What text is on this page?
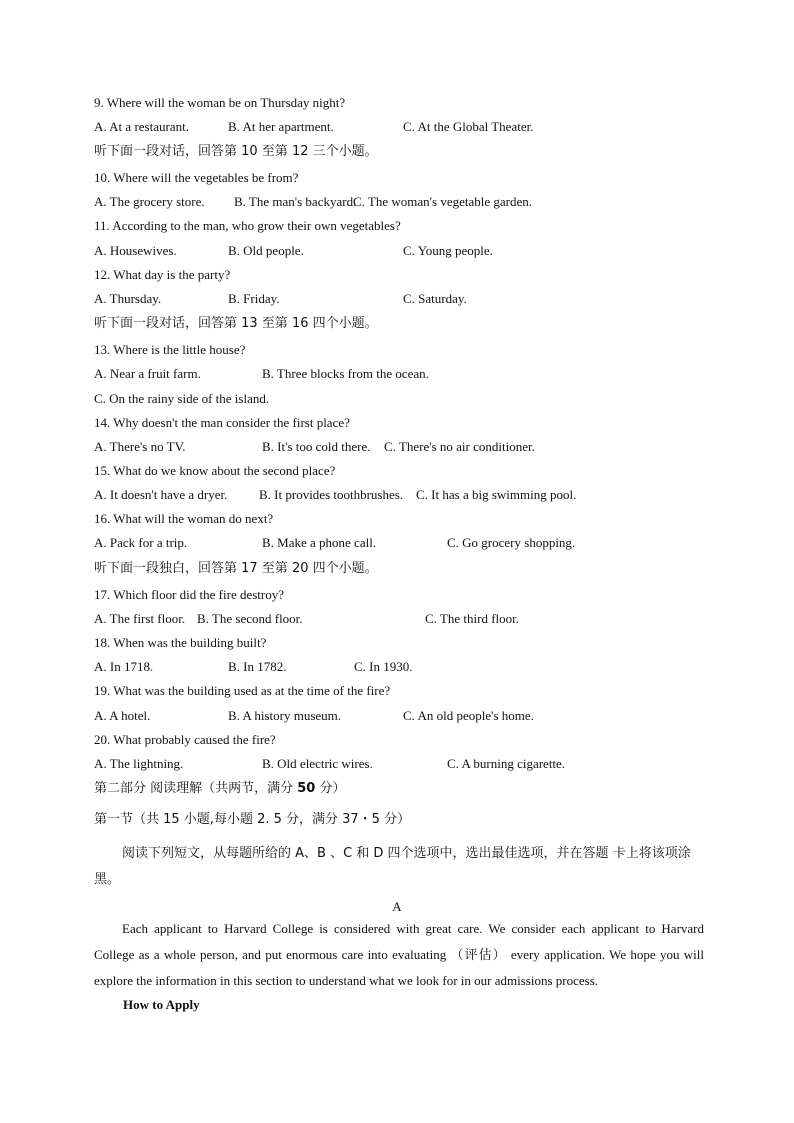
9. Where will the woman be on Thursday night?
A. At a restaurant.	B. At her apartment.	C. At the Global Theater.
听下面一段对话，回答第 10 至第 12 三个小题。
10. Where will the vegetables be from?
A. The grocery store. B. The man's backyard.
C. The woman's vegetable garden.
11. According to the man, who grow their own vegetables?
A. Housewives.	B. Old people.	C. Young people.
12. What day is the party?
A. Thursday.	B. Friday.	C. Saturday.
听下面一段对话，回答第 13 至第 16 四个小题。
13. Where is the little house?
A. Near a fruit farm.	B. Three blocks from the ocean.
C. On the rainy side of the island.
14. Why doesn't the man consider the first place?
A. There's no TV.	B. It's too cold there. C. There's no air conditioner.
15. What do we know about the second place?
A. It doesn't have a dryer. B. It provides toothbrushes. C. It has a big swimming pool.
16. What will the woman do next?
A. Pack for a trip.	B. Make a phone call.	C. Go grocery shopping.
听下面一段独白，回答第 17 至第 20 四个小题。
17. Which floor did the fire destroy?
A. The first floor. B. The second floor.	C. The third floor.
18. When was the building built?
A. In 1718.	B. In 1782.	C. In 1930.
19. What was the building used as at the time of the fire?
A. A hotel.	B. A history museum.	C. An old people's home.
20. What probably caused the fire?
A. The lightning.	B. Old electric wires.	C. A burning cigarette.
第二部分 阅读理解（共两节，满分 50 分）
第一节（共 15 小题,每小题 2. 5 分，满分 37・5 分）
阅读下列短文，从每题所给的 A、B 、C 和 D 四个选项中，选出最佳选项，并在答题 卡上将该项涂黑。
A
Each applicant to Harvard College is considered with great care. We consider each applicant to Harvard College as a whole person, and put enormous care into evaluating （评估） every application. We hope you will explore the information in this section to understand what we look for in our admissions process.
How to Apply
